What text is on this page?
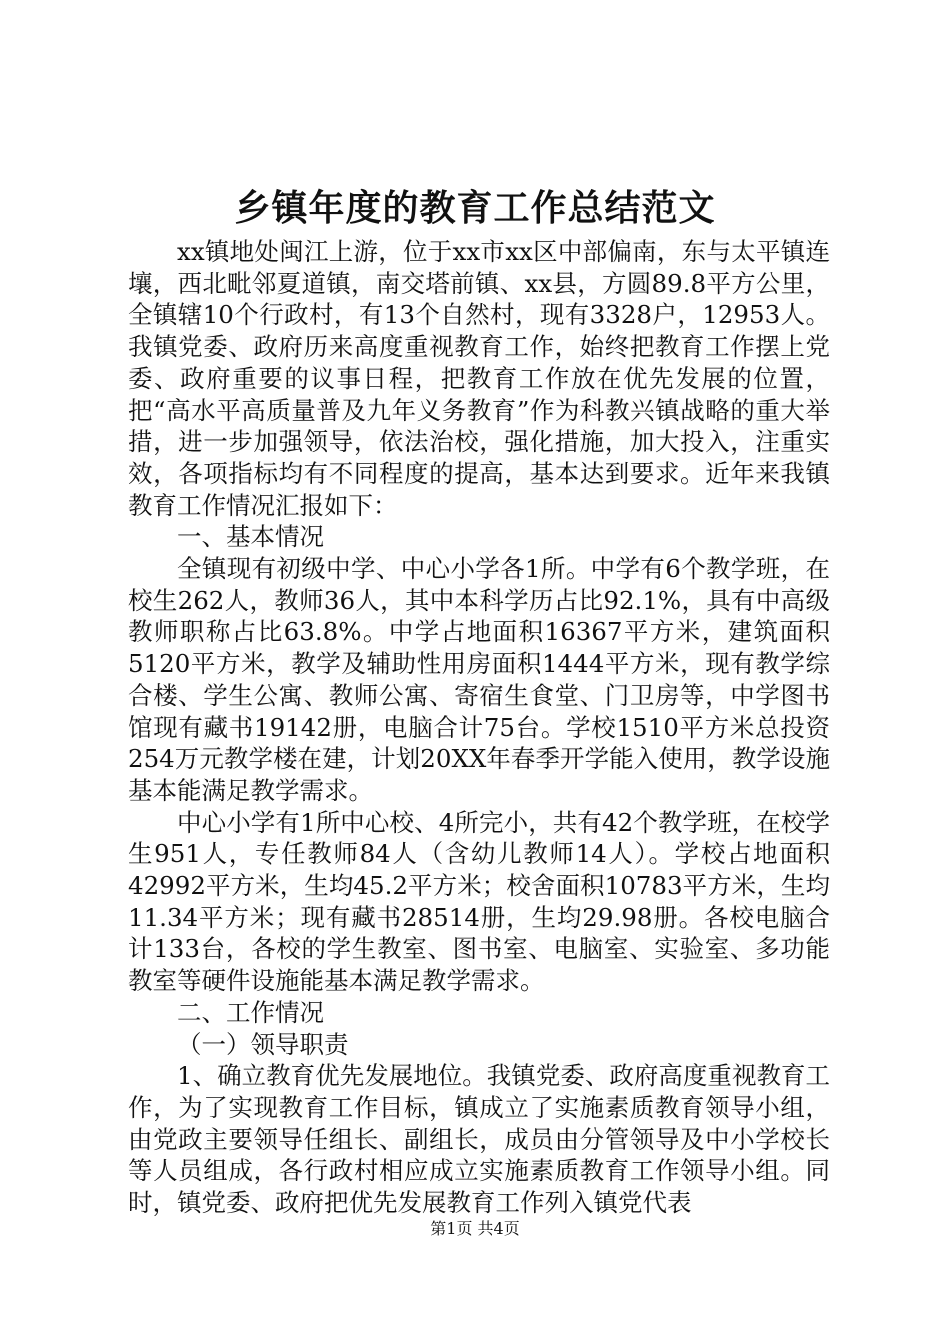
乡镇年度的教育工作总结范文

xx镇地处闽江上游，位于xx市xx区中部偏南，东与太平镇连壤，西北毗邻夏道镇，南交塔前镇、xx县，方圆89.8平方公里，全镇辖10个行政村，有13个自然村，现有3328户，12953人。我镇党委、政府历来高度重视教育工作，始终把教育工作摆上党委、政府重要的议事日程，把教育工作放在优先发展的位置，把“高水平高质量普及九年义务教育”作为科教兴镇战略的重大举措，进一步加强领导，依法治校，强化措施，加大投入，注重实效，各项指标均有不同程度的提高，基本达到要求。近年来我镇教育工作情况汇报如下：

一、基本情况

全镇现有初级中学、中心小学各1所。中学有6个教学班，在校生262人，教师36人，其中本科学历占比92.1%，具有中高级教师职称占比63.8%。中学占地面积16367平方米，建筑面积5120平方米，教学及辅助性用房面积1444平方米，现有教学综合楼、学生公寓、教师公寓、寄宿生食堂、门卫房等，中学图书馆现有藏书19142册，电脑合计75台。学校1510平方米总投资254万元教学楼在建，计划20XX年春季开学能入使用，教学设施基本能满足教学需求。

中心小学有1所中心校、4所完小，共有42个教学班，在校学生951人，专任教师84人（含幼儿教师14人）。学校占地面积42992平方米，生均45.2平方米；校舍面积10783平方米，生均11.34平方米；现有藏书28514册，生均29.98册。各校电脑合计133台，各校的学生教室、图书室、电脑室、实验室、多功能教室等硬件设施能基本满足教学需求。

二、工作情况

（一）领导职责

1、确立教育优先发展地位。我镇党委、政府高度重视教育工作，为了实现教育工作目标，镇成立了实施素质教育领导小组，由党政主要领导任组长、副组长，成员由分管领导及中小学校长等人员组成，各行政村相应成立实施素质教育工作领导小组。同时，镇党委、政府把优先发展教育工作列入镇党代表

第1页 共4页
